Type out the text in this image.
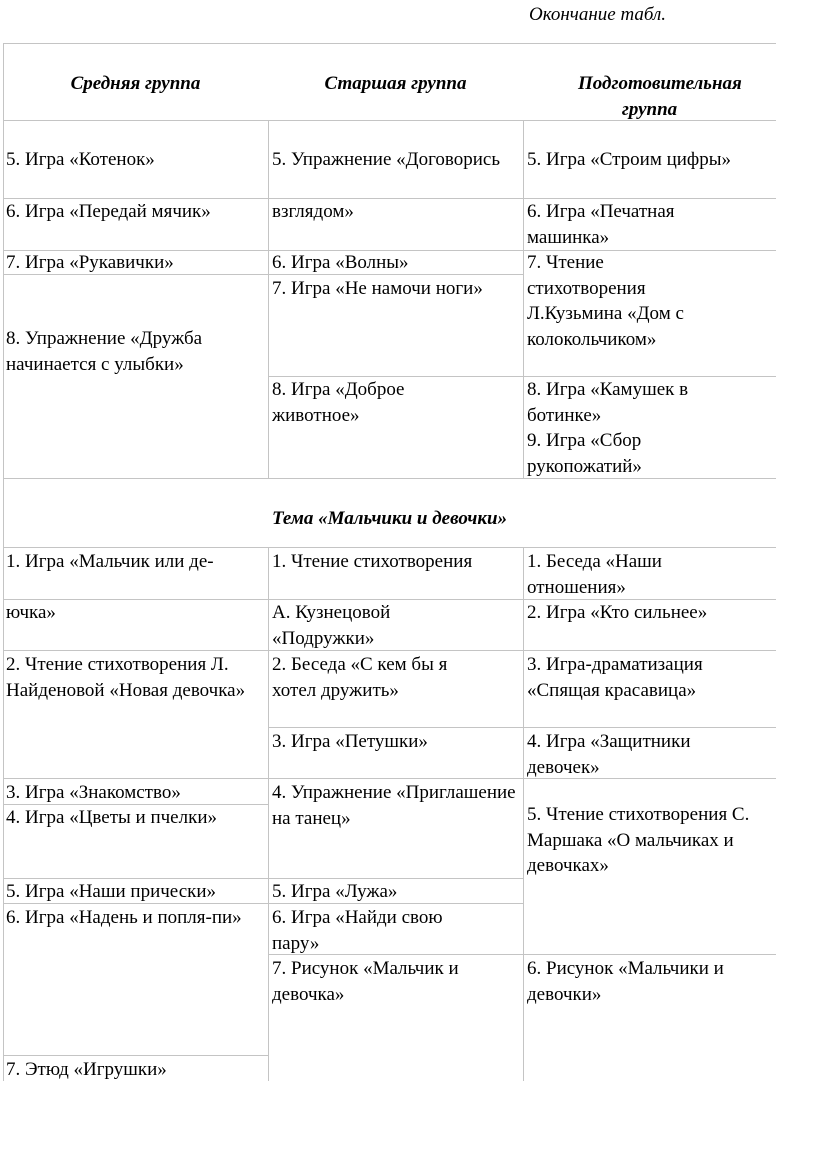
Окончание табл.
Средняя группа	Старшая группа	Подготовительная группа
5. Игра «Котенок»
6. Игра «Передай мячик»
7. Игра «Рукавички»
8. Упражнение «Дружба начинается с улыбки»
5. Упражнение «Договорись
взглядом»
6. Игра «Волны»
7. Игра «Не намочи ноги»
8. Игра «Доброе животное»
5. Игра «Строим цифры»
6. Игра «Печатная машинка»
7. Чтение стихотворения Л.Кузьмина «Дом с колокольчиком»
8. Игра «Камушек в ботинке»
9. Игра «Сбор рукопожатий»
Тема «Мальчики и девочки»
1. Игра «Мальчик или де-
ючка»
2. Чтение стихотворения Л. Найденовой «Новая девочка»
3. Игра «Знакомство»
4. Игра «Цветы и пчелки»
5. Игра «Наши прически»
6. Игра «Надень и попля-пи»
7. Этюд «Игрушки»
1. Чтение стихотворения
А. Кузнецовой «Подружки»
2. Беседа «С кем бы я хотел дружить»
3. Игра «Петушки»
4. Упражнение «Приглашение на танец»
5. Игра «Лужа»
6. Игра «Найди свою пару»
7. Рисунок «Мальчик и девочка»
1. Беседа «Наши отношения»
2. Игра «Кто сильнее»
3. Игра-драматизация «Спящая красавица»
4. Игра «Защитники девочек»
5. Чтение стихотворения С. Маршака «О мальчиках и девочках»
6. Рисунок «Мальчики и девочки»
